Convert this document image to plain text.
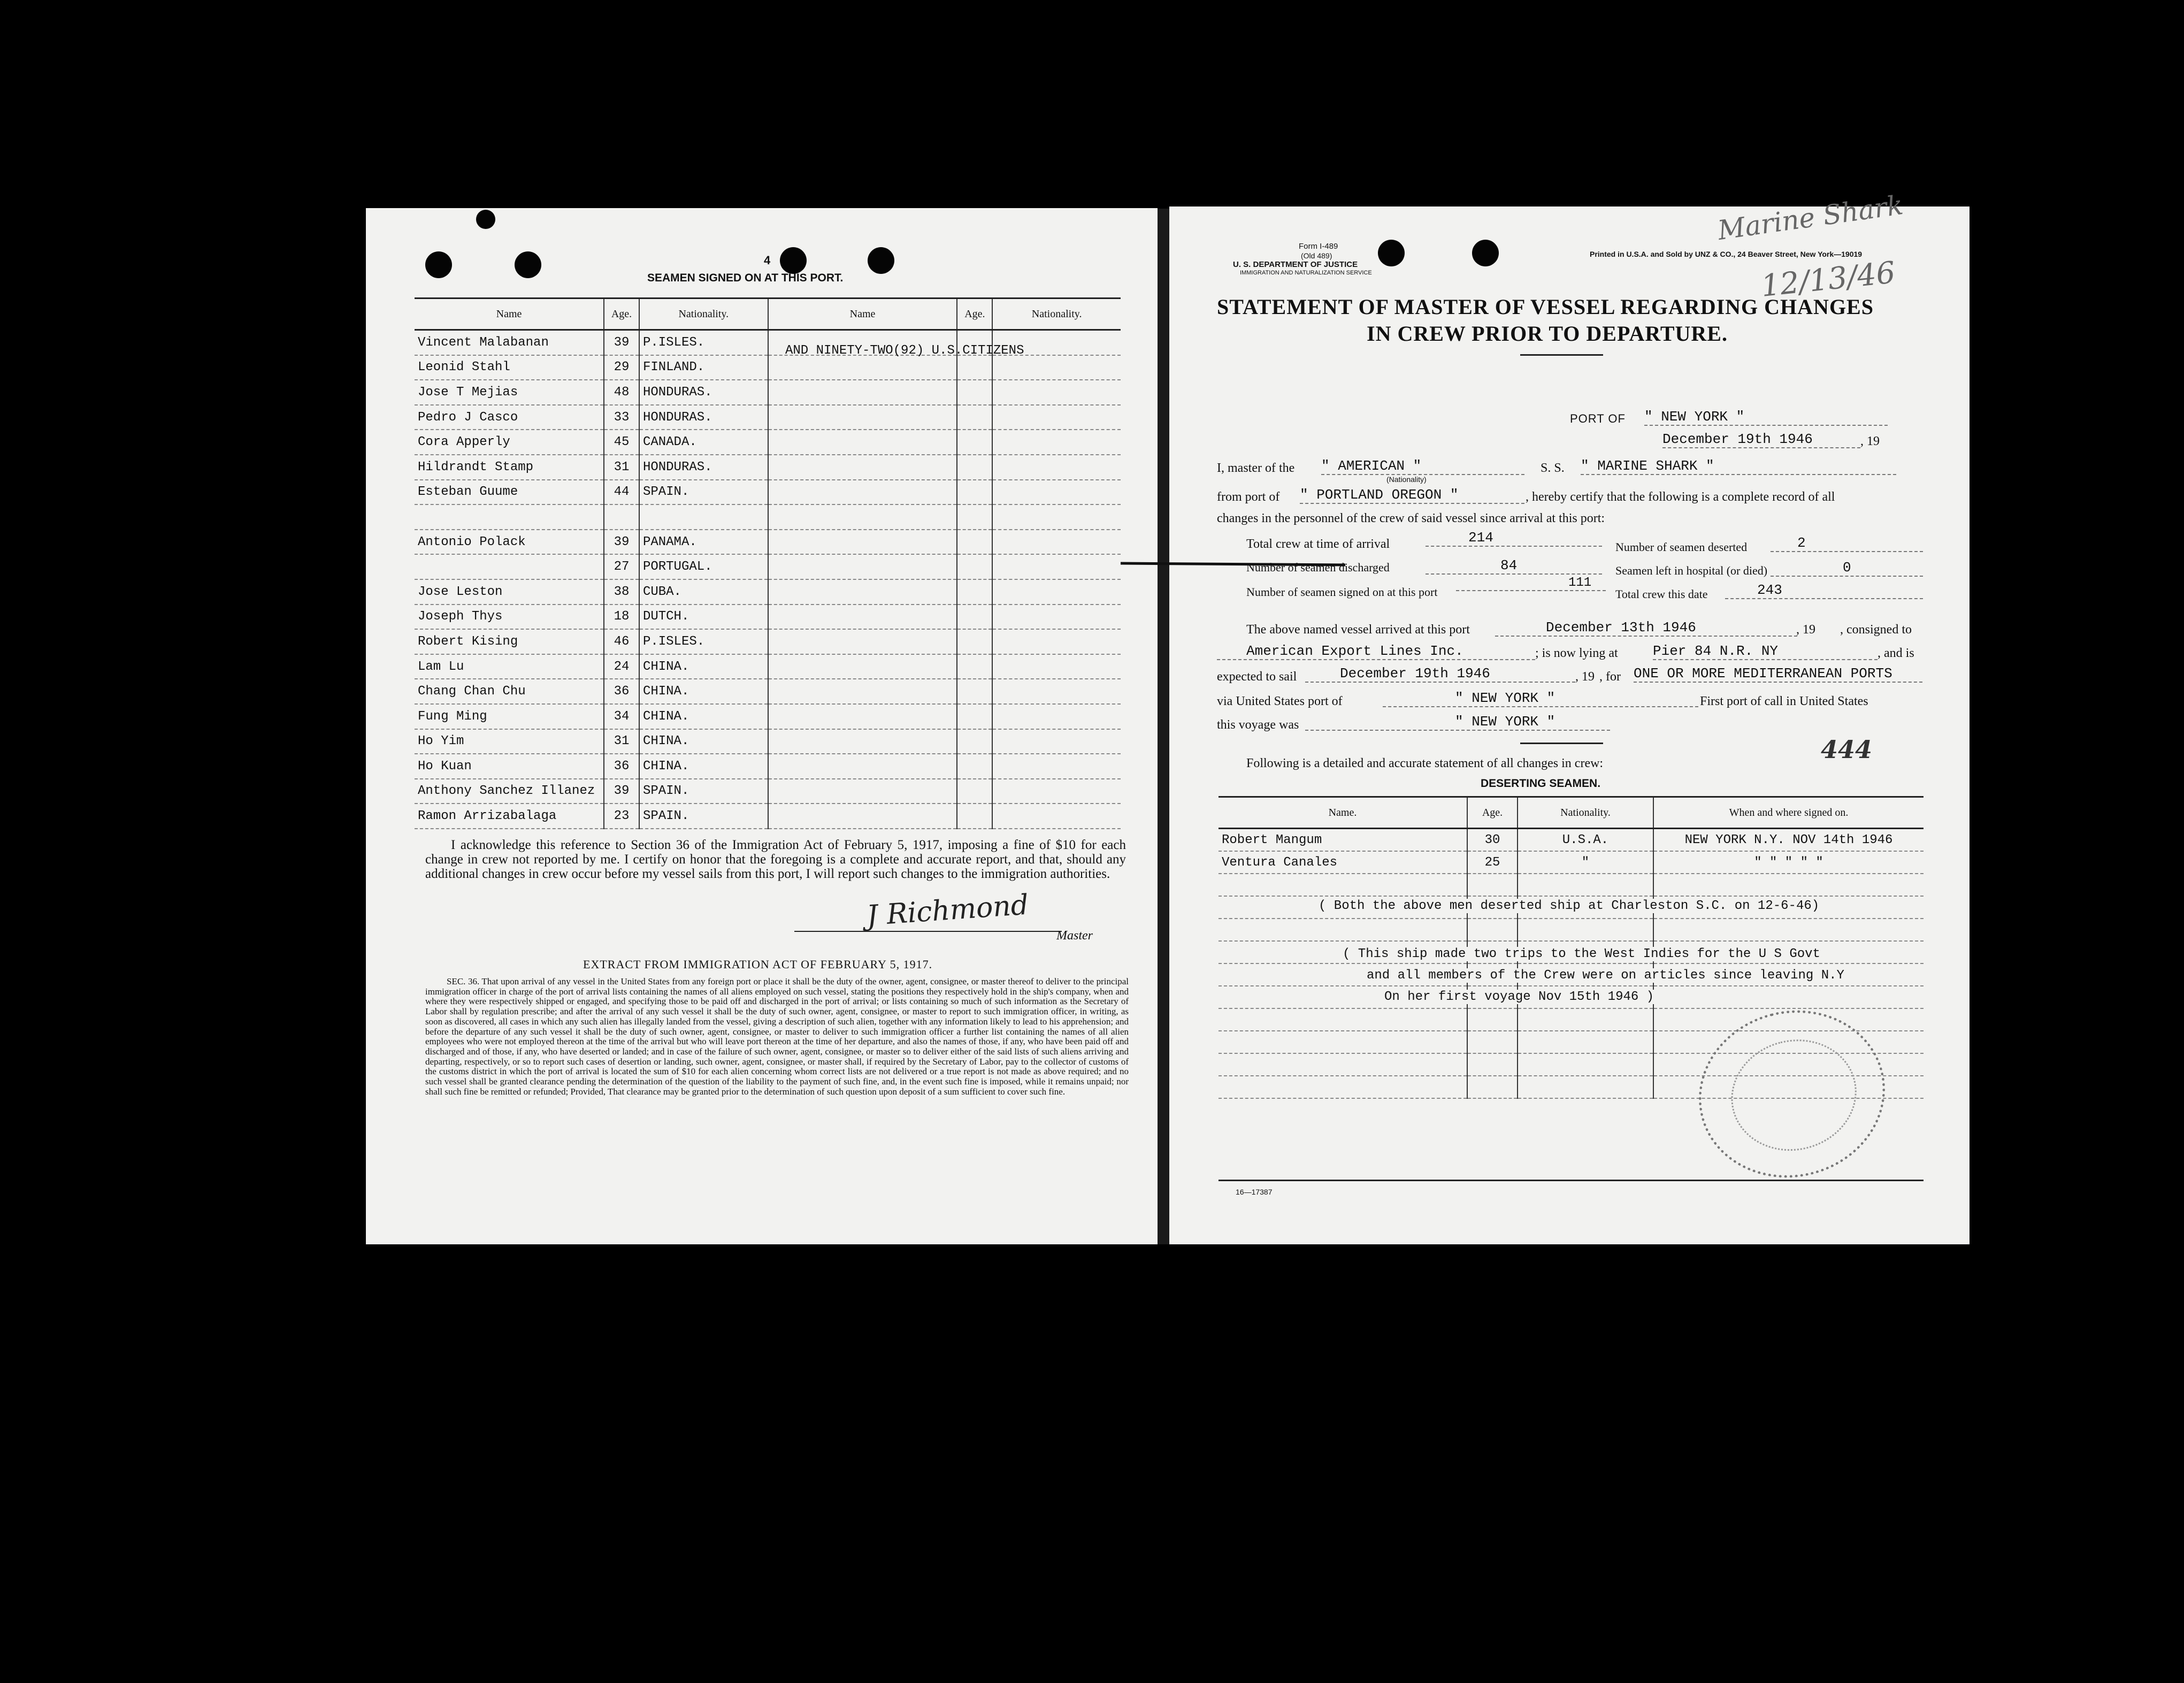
4
SEAMEN SIGNED ON AT THIS PORT.
Name	Age.	Nationality.	Name	Age.	Nationality.
Vincent Malabanan	39	P.ISLES.			
Leonid Stahl	29	FINLAND.			
Jose T Mejias	48	HONDURAS.			
Pedro J Casco	33	HONDURAS.			
Cora Apperly	45	CANADA.			
Hildrandt Stamp	31	HONDURAS.			
Esteban Guume	44	SPAIN.			

Antonio Polack	39	PANAMA.			
	27	PORTUGAL.			
Jose Leston	38	CUBA.			
Joseph Thys	18	DUTCH.			
Robert Kising	46	P.ISLES.			
Lam Lu	24	CHINA.			
Chang Chan Chu	36	CHINA.			
Fung Ming	34	CHINA.			
Ho Yim	31	CHINA.			
Ho Kuan	36	CHINA.			
Anthony Sanchez Illanez	39	SPAIN.			
Ramon Arrizabalaga	23	SPAIN.			
AND NINETY-TWO(92) U.S.CITIZENS
I acknowledge this reference to Section 36 of the Immigration Act of February 5, 1917, imposing a fine of $10 for each change in crew not reported by me. I certify on honor that the foregoing is a complete and accurate report, and that, should any additional changes in crew occur before my vessel sails from this port, I will report such changes to the immigration authorities.
J Richmond
Master
EXTRACT FROM IMMIGRATION ACT OF FEBRUARY 5, 1917.
SEC. 36. That upon arrival of any vessel in the United States from any foreign port or place it shall be the duty of the owner, agent, consignee, or master thereof to deliver to the principal immigration officer in charge of the port of arrival lists containing the names of all aliens employed on such vessel, stating the positions they respectively hold in the ship's company, when and where they were respectively shipped or engaged, and specifying those to be paid off and discharged in the port of arrival; or lists containing so much of such information as the Secretary of Labor shall by regulation prescribe; and after the arrival of any such vessel it shall be the duty of such owner, agent, consignee, or master to report to such immigration officer, in writing, as soon as discovered, all cases in which any such alien has illegally landed from the vessel, giving a description of such alien, together with any information likely to lead to his apprehension; and before the departure of any such vessel it shall be the duty of such owner, agent, consignee, or master to deliver to such immigration officer a further list containing the names of all alien employees who were not employed thereon at the time of the arrival but who will leave port thereon at the time of her departure, and also the names of those, if any, who have been paid off and discharged and of those, if any, who have deserted or landed; and in case of the failure of such owner, agent, consignee, or master so to deliver either of the said lists of such aliens arriving and departing, respectively, or so to report such cases of desertion or landing, such owner, agent, consignee, or master shall, if required by the Secretary of Labor, pay to the collector of customs of the customs district in which the port of arrival is located the sum of $10 for each alien concerning whom correct lists are not delivered or a true report is not made as above required; and no such vessel shall be granted clearance pending the determination of the question of the liability to the payment of such fine, and, in the event such fine is imposed, while it remains unpaid; nor shall such fine be remitted or refunded; Provided, That clearance may be granted prior to the determination of such question upon deposit of a sum sufficient to cover such fine.
Form I-489
(Old 489)
U. S. DEPARTMENT OF JUSTICE
IMMIGRATION AND NATURALIZATION SERVICE
Printed in U.S.A. and Sold by UNZ & CO., 24 Beaver Street, New York—19019
Marine Shark
12/13/46
STATEMENT OF MASTER OF VESSEL REGARDING CHANGES
IN CREW PRIOR TO DEPARTURE.
PORT OF " NEW YORK "
December 19th 1946	, 19
I, master of the " AMERICAN "
(Nationality)
S. S. " MARINE SHARK "
from port of " PORTLAND OREGON "	, hereby certify that the following is a complete record of all
changes in the personnel of the crew of said vessel since arrival at this port:
Total crew at time of arrival	214
Number of seamen deserted	2
Number of seamen discharged	84	Seamen left in hospital (or died)	0
Number of seamen signed on at this port
111
Total crew this date	243
The above named vessel arrived at this port	December 13th 1946	, 19 , consigned to
American Export Lines Inc.	; is now lying at	Pier 84 N.R. NY	, and is
expected to sail	December 19th 1946	, 19 , for ONE OR MORE MEDITERRANEAN PORTS
via United States port of	" NEW YORK "	First port of call in United States
this voyage was	" NEW YORK "
444
Following is a detailed and accurate statement of all changes in crew:
DESERTING SEAMEN.
Name.	Age.	Nationality.	When and where signed on.
Robert Mangum	30	U.S.A.	NEW YORK N.Y. NOV 14th 1946
Ventura Canales	25	"	" " " " "

( Both the above men deserted ship at Charleston S.C. on 12-6-46)
( This ship made two trips to the West Indies for the U S Govt
and all members of the Crew were on articles since leaving N.Y
On her first voyage Nov 15th 1946 )
16—17387
